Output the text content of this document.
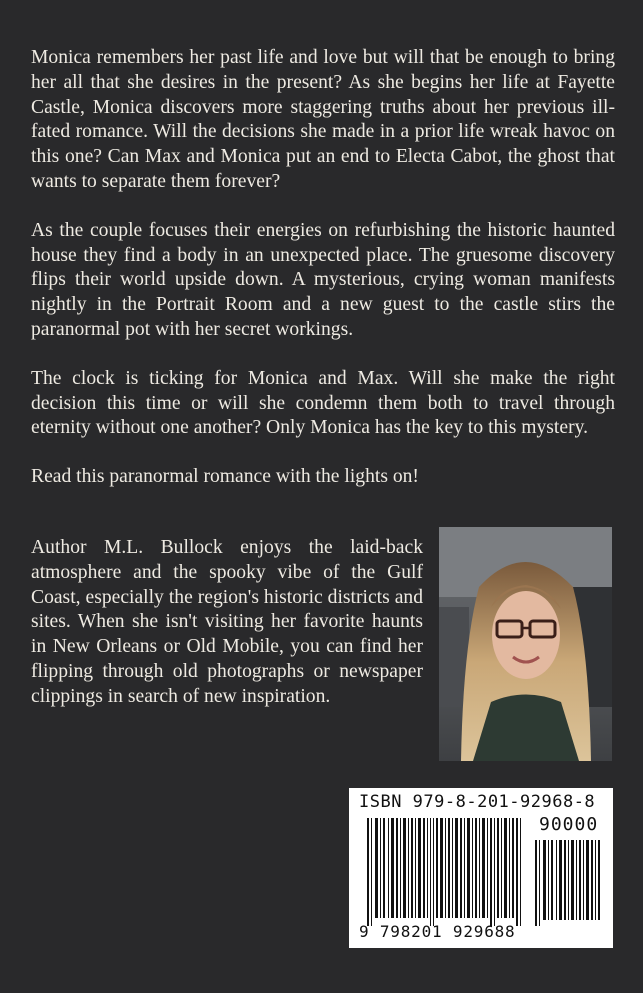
Monica remembers her past life and love but will that be enough to bring her all that she desires in the present? As she begins her life at Fayette Castle, Monica discovers more staggering truths about her previous ill-fated romance. Will the decisions she made in a prior life wreak havoc on this one? Can Max and Monica put an end to Electa Cabot, the ghost that wants to separate them forever?

As the couple focuses their energies on refurbishing the historic haunted house they find a body in an unexpected place. The gruesome discovery flips their world upside down. A mysterious, crying woman manifests nightly in the Portrait Room and a new guest to the castle stirs the paranormal pot with her secret workings.

The clock is ticking for Monica and Max. Will she make the right decision this time or will she condemn them both to travel through eternity without one another? Only Monica has the key to this mystery.

Read this paranormal romance with the lights on!

Author M.L. Bullock enjoys the laid-back atmosphere and the spooky vibe of the Gulf Coast, especially the region's historic districts and sites. When she isn't visiting her favorite haunts in New Orleans or Old Mobile, you can find her flipping through old photographs or newspaper clippings in search of new inspiration.
ISBN 979-8-201-92968-8
90000
9 798201 929688
